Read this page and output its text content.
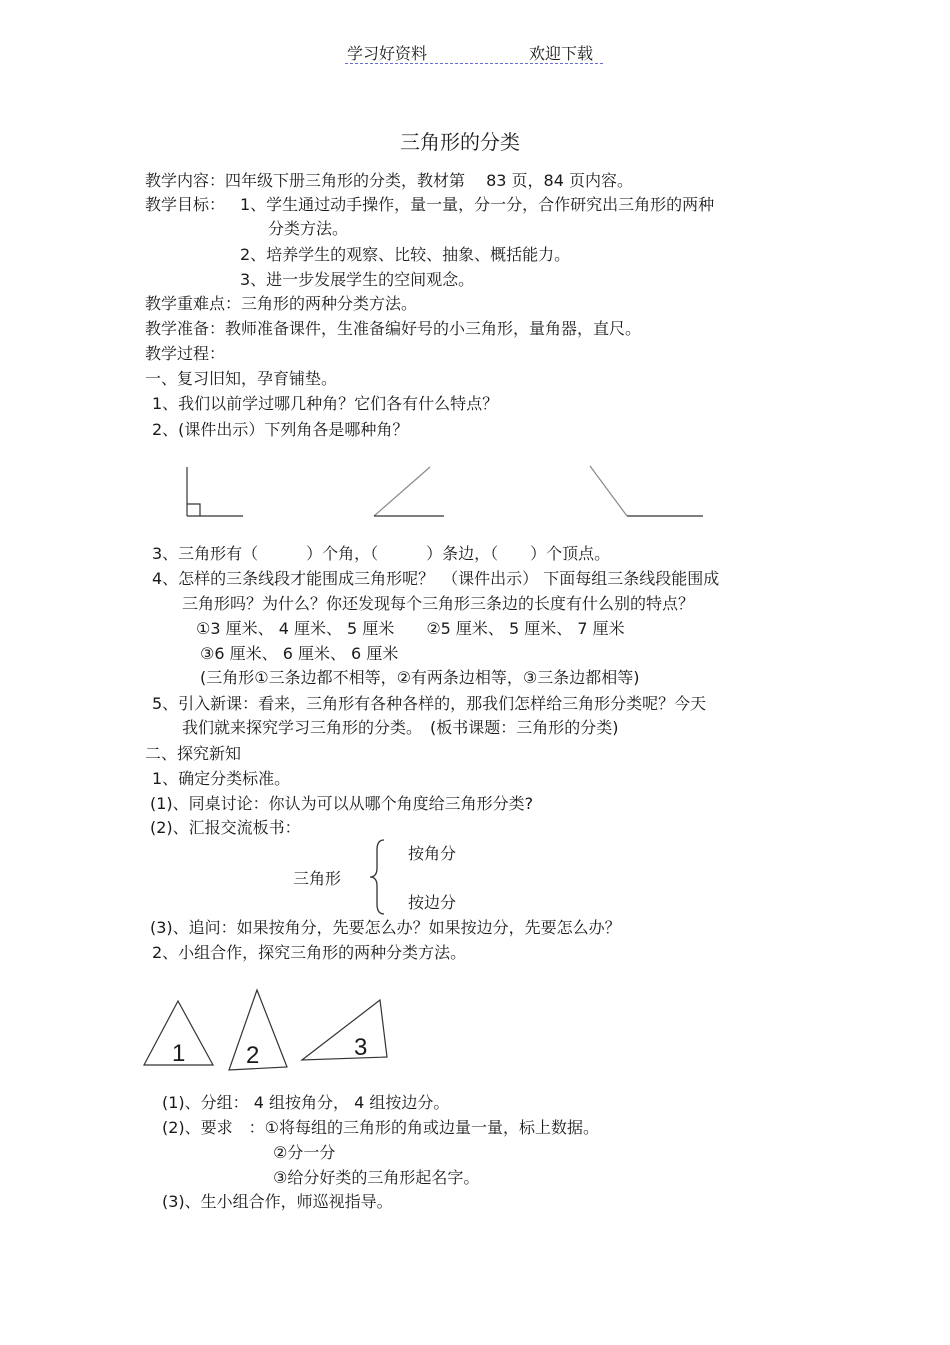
学习好资料	欢迎下载
三角形的分类
教学内容：四年级下册三角形的分类，教材第　 83 页，84 页内容。
教学目标： 1、学生通过动手操作，量一量，分一分，合作研究出三角形的两种
分类方法。
2、培养学生的观察、比较、抽象、概括能力。
3、进一步发展学生的空间观念。
教学重难点：三角形的两种分类方法。
教学准备：教师准备课件，生准备编好号的小三角形，量角器，直尺。
教学过程：
一、复习旧知，孕育铺垫。
1、我们以前学过哪几种角？它们各有什么特点？
2、(课件出示）下列角各是哪种角？
3、三角形有（　　　）个角，（　　　）条边，（　　）个顶点。
4、怎样的三条线段才能围成三角形呢？　（课件出示） 下面每组三条线段能围成
三角形吗？为什么？你还发现每个三角形三条边的长度有什么别的特点？
①3 厘米、 4 厘米、 5 厘米　　②5 厘米、 5 厘米、 7 厘米
③6 厘米、 6 厘米、 6 厘米
(三角形①三条边都不相等，②有两条边相等，③三条边都相等)
5、引入新课：看来，三角形有各种各样的，那我们怎样给三角形分类呢？今天
我们就来探究学习三角形的分类。　(板书课题：三角形的分类)
二、探究新知
1、确定分类标准。
(1)、同桌讨论：你认为可以从哪个角度给三角形分类?
(2)、汇报交流板书：
三角形
按角分
按边分
(3)、追问：如果按角分，先要怎么办？如果按边分，先要怎么办？
2、小组合作，探究三角形的两种分类方法。
1	2	3
(1)、分组： 4 组按角分， 4 组按边分。
(2)、要求　：①将每组的三角形的角或边量一量，标上数据。
②分一分
③给分好类的三角形起名字。
(3)、生小组合作，师巡视指导。
